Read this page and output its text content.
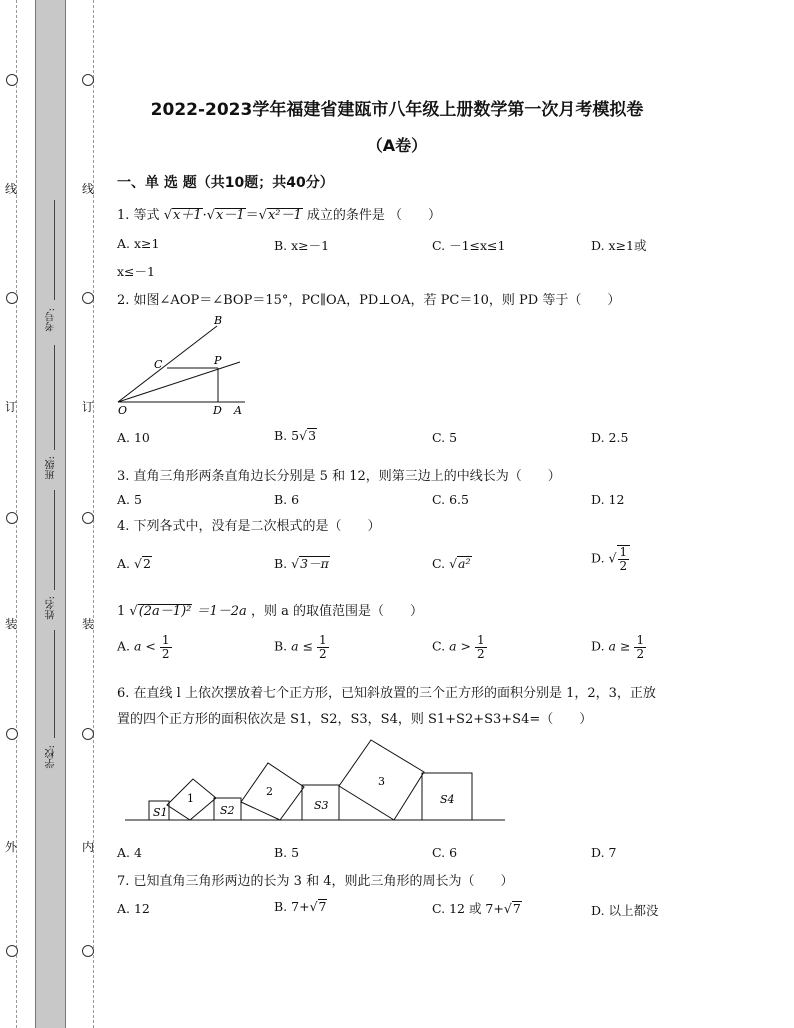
线
订
装
外
线
订
装
内
考号:
班级:
姓名:
学校:
2022-2023学年福建省建瓯市八年级上册数学第一次月考模拟卷
（A卷）
一、单 选 题（共10题；共40分）
1. 等式 √x＋1·√x－1＝√x²－1 成立的条件是 （　　）
A. x≥1	B. x≥－1	C. －1≤x≤1	D. x≥1或
x≤－1
2. 如图∠AOP＝∠BOP＝15°，PC∥OA，PD⊥OA，若 PC＝10，则 PD 等于（　　）
B
C	P
O	D A
A. 10	B. 5√3	C. 5	D. 2.5
3. 直角三角形两条直角边长分别是 5 和 12，则第三边上的中线长为（　　）
A. 5	B. 6	C. 6.5	D. 12
4. 下列各式中，没有是二次根式的是（　　）
A. √2	B. √3－π	C. √a²	D. √ $\frac{1}{2}$
1 √(2a－1)² ＝1－2a ，则 a 的取值范围是（　　）
A. $a < \frac{1}{2}$	B. $a \le \frac{1}{2}$	C. $a > \frac{1}{2}$	D. $a \ge \frac{1}{2}$
6. 在直线 l 上依次摆放着七个正方形，已知斜放置的三个正方形的面积分别是 1，2，3，正放
置的四个正方形的面积依次是 S1，S2，S3，S4，则 S1+S2+S3+S4=（　　）
S1
1
S2
2
S3
3
S4
A. 4	B. 5	C. 6	D. 7
7. 已知直角三角形两边的长为 3 和 4，则此三角形的周长为（　　）
A. 12	B. 7+√7	C. 12 或 7+√7	D. 以上都没
